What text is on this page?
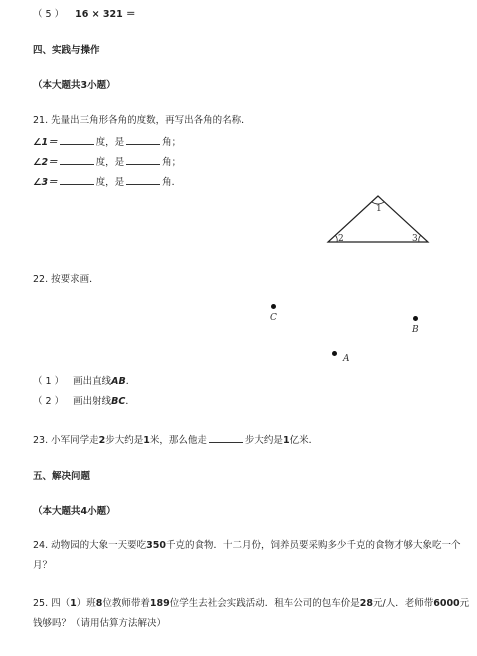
（ 5 ） 16 × 321 ＝
四、实践与操作
（本大题共3小题）
21. 先量出三角形各角的度数，再写出各角的名称．
∠1＝	度，是	角；
∠2＝	度，是	角；
∠3＝	度，是	角．
1
2	3
22. 按要求画．
C
B
A
（ 1 ） 画出直线AB．
（ 2 ） 画出射线BC．
23. 小军同学走2步大约是1米，那么他走	步大约是1亿米．
五、解决问题
（本大题共4小题）
24. 动物园的大象一天要吃350千克的食物．十二月份，饲养员要采购多少千克的食物才够大象吃一个
月？
25. 四（1）班8位教师带着189位学生去社会实践活动．租车公司的包车价是28元/人．老师带6000元
钱够吗？（请用估算方法解决）
